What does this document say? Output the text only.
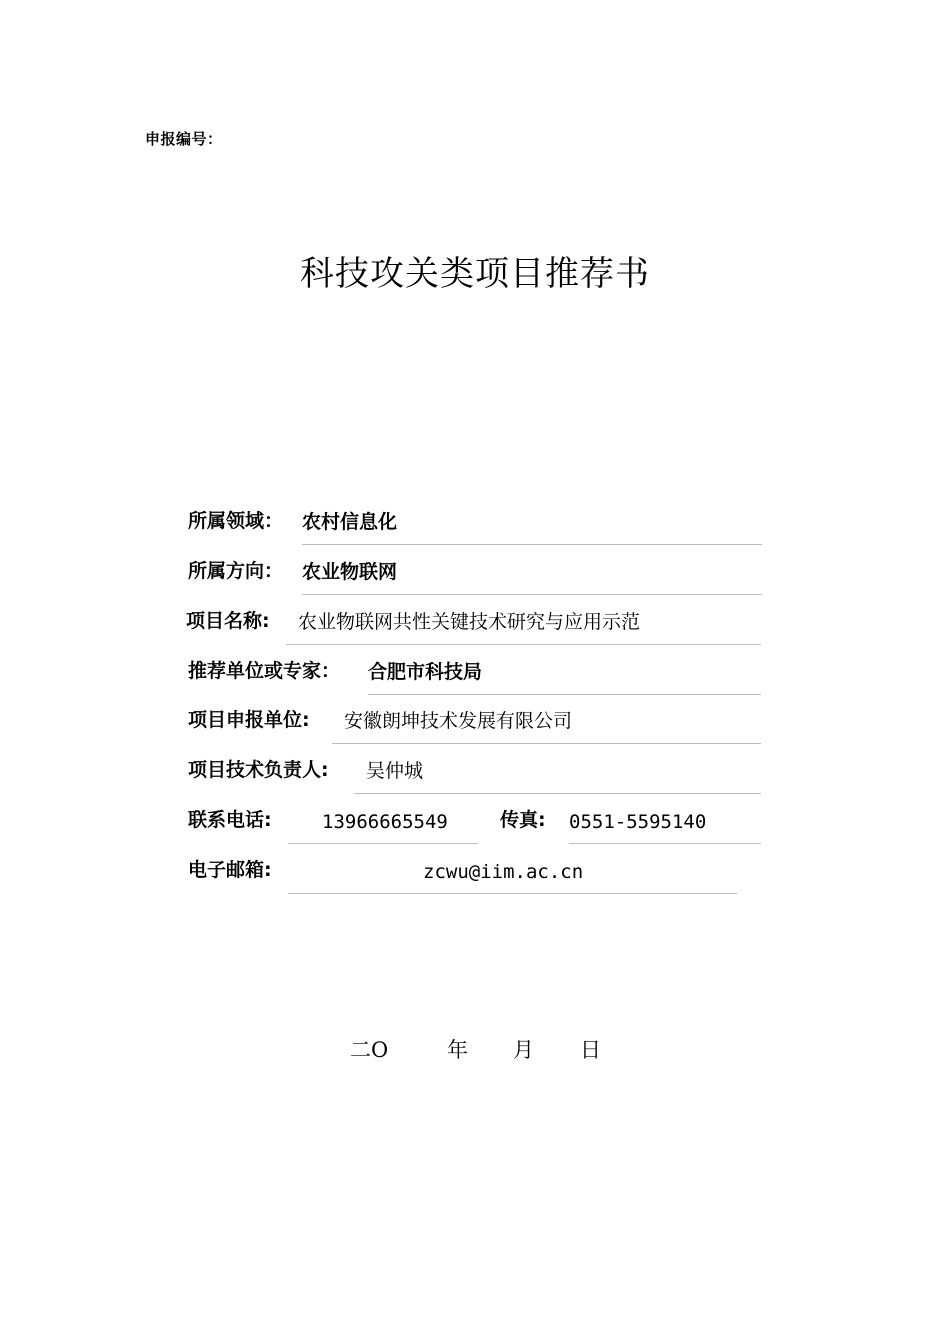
申报编号：
科技攻关类项目推荐书
所属领域： 农村信息化
所属方向： 农业物联网
项目名称: 农业物联网共性关键技术研究与应用示范
推荐单位或专家： 合肥市科技局
项目申报单位: 安徽朗坤技术发展有限公司
项目技术负责人: 吴仲城
联系电话:	13966665549	传真: 0551-5595140
电子邮箱:	zcwu@iim.ac.cn
二O	年 月 日
